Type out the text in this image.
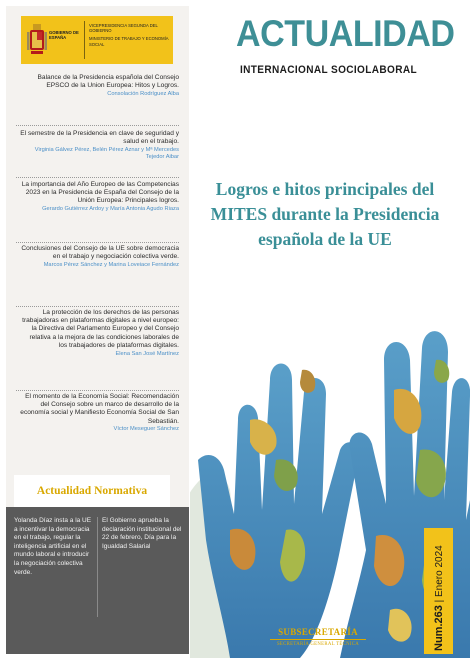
GOBIERNO DE ESPAÑA
VICEPRESIDENCIA SEGUNDA DEL GOBIERNO
MINISTERIO DE TRABAJO Y ECONOMÍA SOCIAL
Balance de la Presidencia española del Consejo EPSCO de la Union Europea: Hitos y Logros.
Consolación Rodríguez Alba
El semestre de la Presidencia en clave de seguridad y salud en el trabajo.
Virginia Gálvez Pérez, Belén Pérez Aznar y Mª Mercedes Tejedor Aibar
La importancia del Año Europeo de las Competencias 2023 en la Presidencia de España del Consejo de la Unión Europea: Principales logros.
Gerardo Gutiérrez Ardoy y María Antonia Agudo Riaza
Conclusiones del Consejo de la UE sobre democracia en el trabajo y negociación colectiva verde.
Marcos Pérez Sánchez y Marina Loveiace Fernández
La protección de los derechos de las personas trabajadoras en plataformas digitales a nivel europeo: la Directiva del Parlamento Europeo y del Consejo relativa a la mejora de las condiciones laborales de los trabajadores de plataformas digitales.
Elena San José Martínez
El momento de la Economía Social: Recomendación del Consejo sobre un marco de desarrollo de la economía social y Manifiesto Economía Social de San Sebastián.
Víctor Meseguer Sánchez
Actualidad Normativa
Yolanda Díaz insta a la UE a incentivar la democracia en el trabajo, regular la inteligencia artificial en el mundo laboral e introducir la negociación colectiva verde.
El Gobierno aprueba la declaración institucional del 22 de febrero, Día para la Igualdad Salarial
ACTUALIDAD
INTERNACIONAL SOCIOLABORAL
Logros e hitos principales del MITES durante la Presidencia española de la UE
Num.263 | Enero 2024
SUBSECRETARÍA
SECRETARÍA GENERAL TÉCNICA
